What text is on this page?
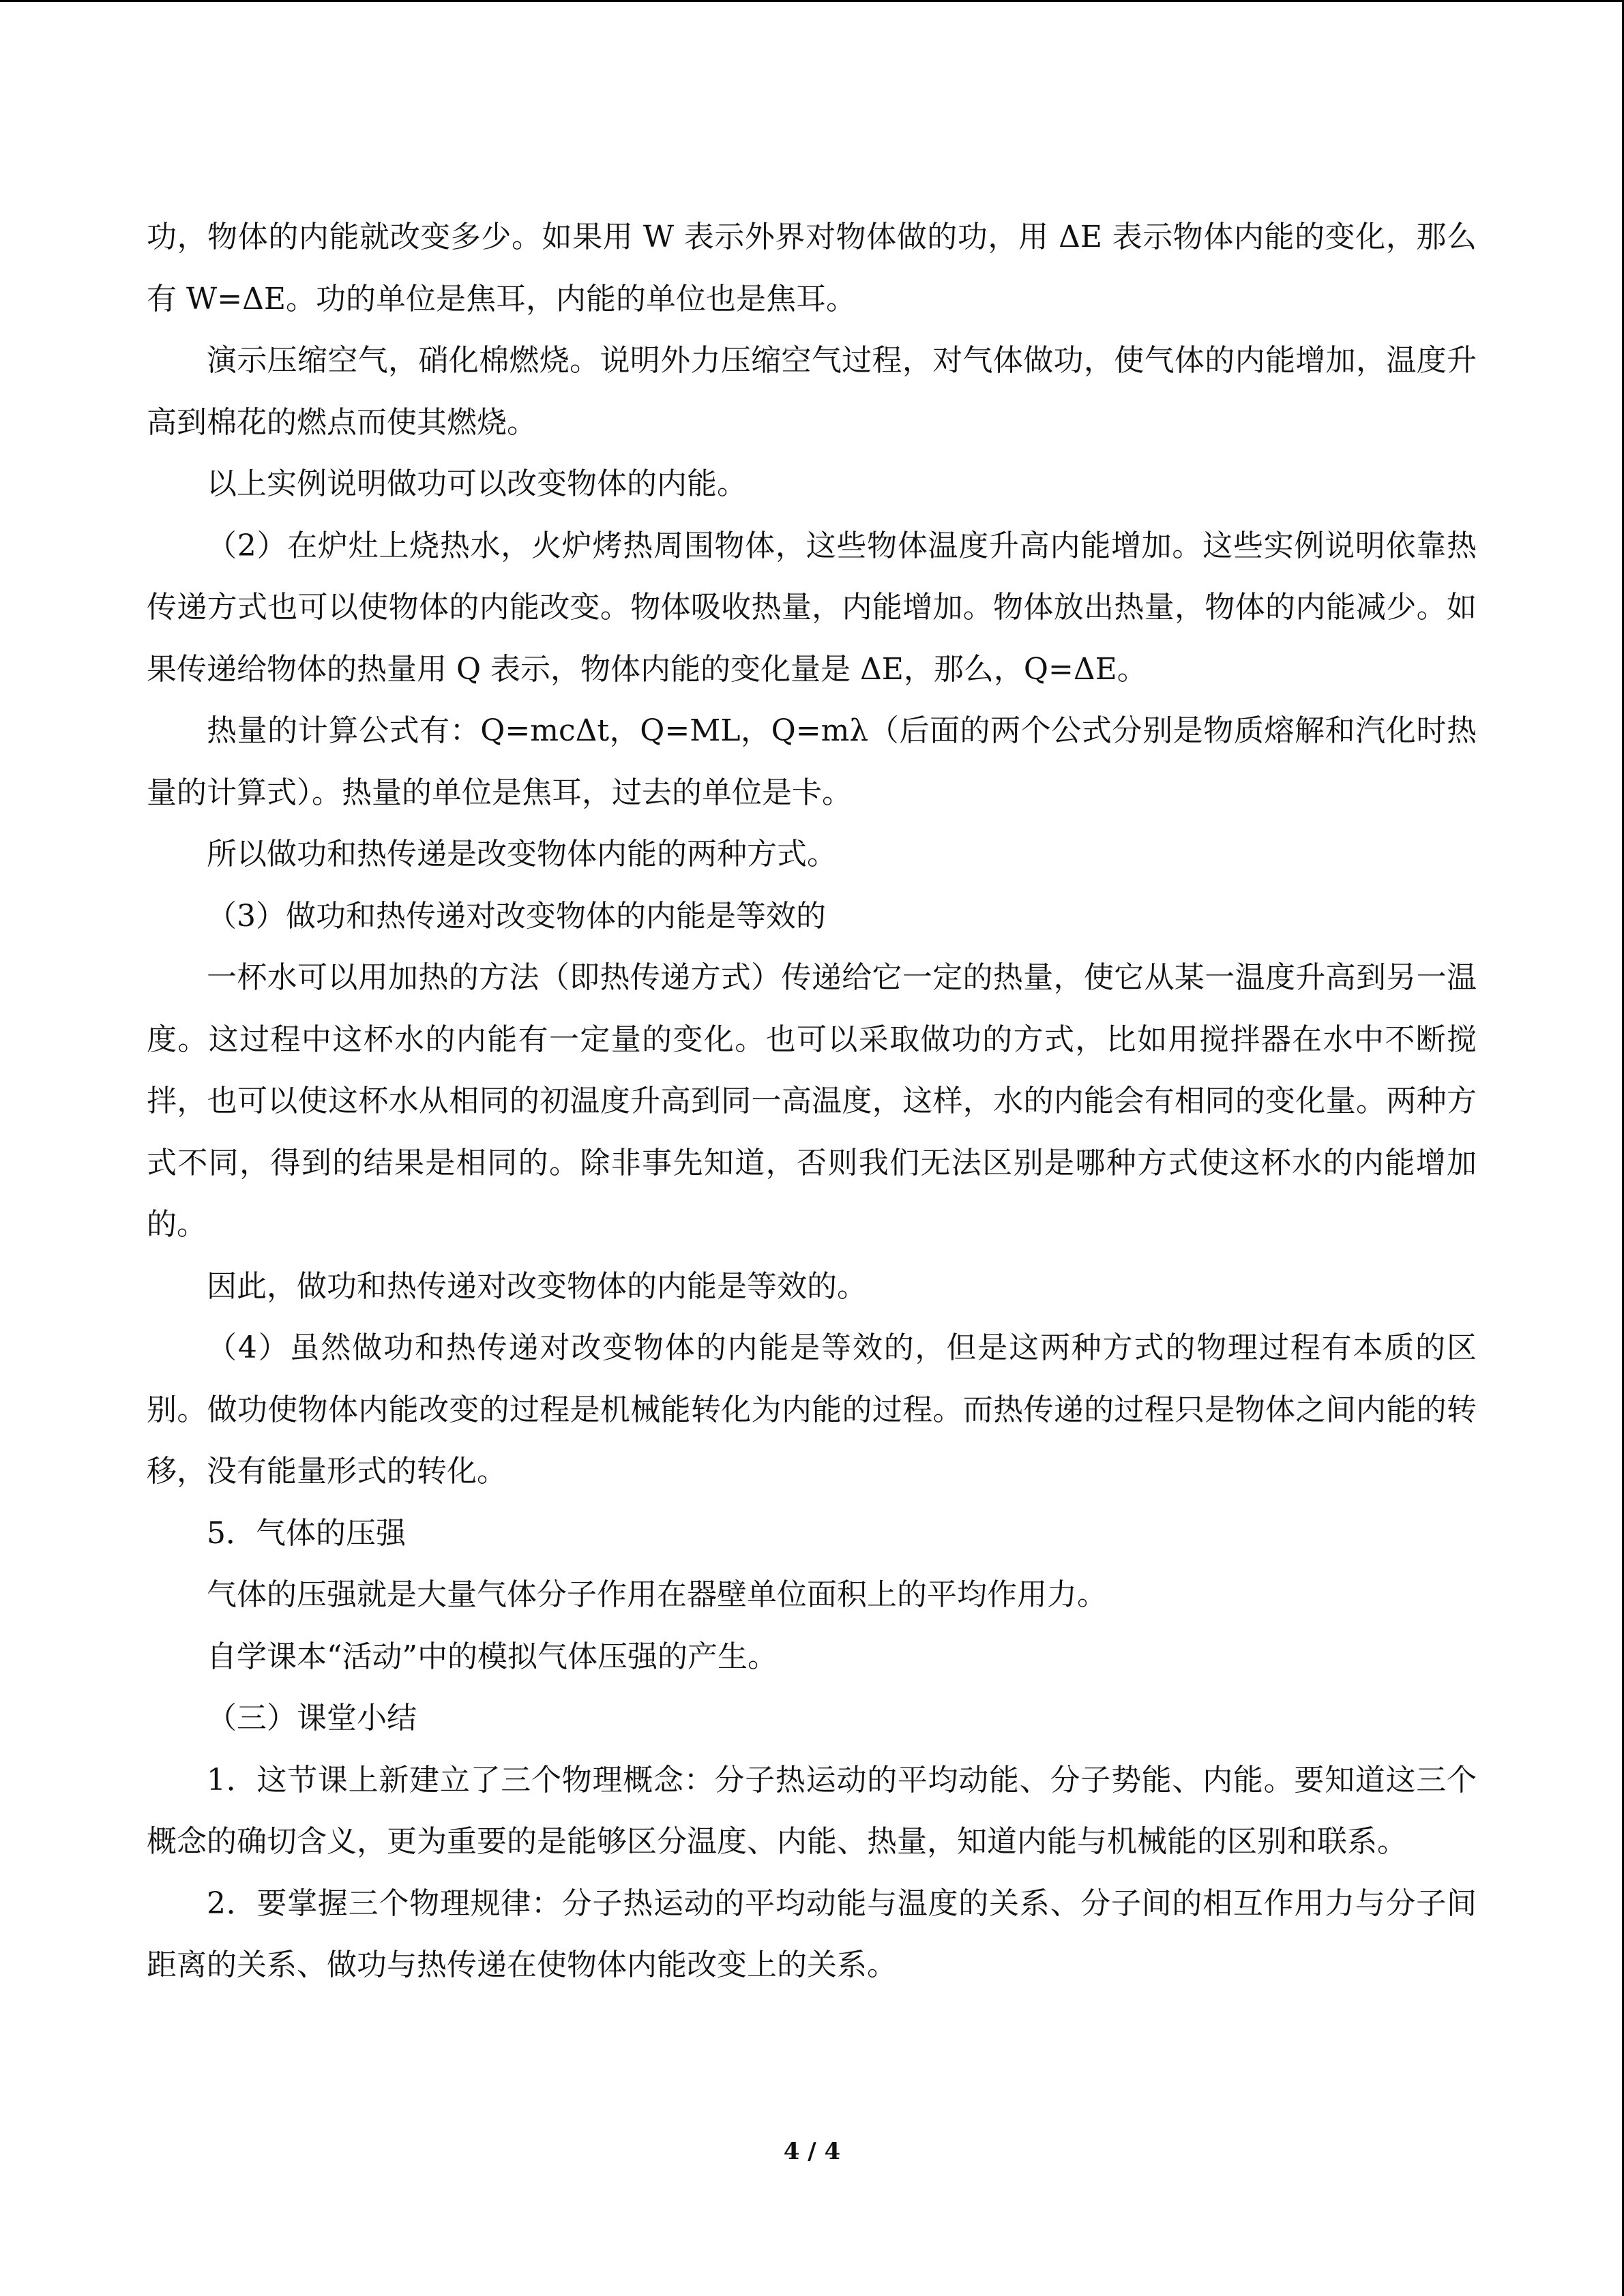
功，物体的内能就改变多少。如果用 W 表示外界对物体做的功，用 ΔE 表示物体内能的变化，那么有 W=ΔE。功的单位是焦耳，内能的单位也是焦耳。

演示压缩空气，硝化棉燃烧。说明外力压缩空气过程，对气体做功，使气体的内能增加，温度升高到棉花的燃点而使其燃烧。

以上实例说明做功可以改变物体的内能。

（2）在炉灶上烧热水，火炉烤热周围物体，这些物体温度升高内能增加。这些实例说明依靠热传递方式也可以使物体的内能改变。物体吸收热量，内能增加。物体放出热量，物体的内能减少。如果传递给物体的热量用 Q 表示，物体内能的变化量是 ΔE，那么，Q=ΔE。

热量的计算公式有：Q=mcΔt，Q=ML，Q=mλ（后面的两个公式分别是物质熔解和汽化时热量的计算式）。热量的单位是焦耳，过去的单位是卡。

所以做功和热传递是改变物体内能的两种方式。

（3）做功和热传递对改变物体的内能是等效的

一杯水可以用加热的方法（即热传递方式）传递给它一定的热量，使它从某一温度升高到另一温度。这过程中这杯水的内能有一定量的变化。也可以采取做功的方式，比如用搅拌器在水中不断搅拌，也可以使这杯水从相同的初温度升高到同一高温度，这样，水的内能会有相同的变化量。两种方式不同，得到的结果是相同的。除非事先知道，否则我们无法区别是哪种方式使这杯水的内能增加的。

因此，做功和热传递对改变物体的内能是等效的。

（4）虽然做功和热传递对改变物体的内能是等效的，但是这两种方式的物理过程有本质的区别。做功使物体内能改变的过程是机械能转化为内能的过程。而热传递的过程只是物体之间内能的转移，没有能量形式的转化。

5．气体的压强

气体的压强就是大量气体分子作用在器壁单位面积上的平均作用力。

自学课本“活动”中的模拟气体压强的产生。

（三）课堂小结

1．这节课上新建立了三个物理概念：分子热运动的平均动能、分子势能、内能。要知道这三个概念的确切含义，更为重要的是能够区分温度、内能、热量，知道内能与机械能的区别和联系。

2．要掌握三个物理规律：分子热运动的平均动能与温度的关系、分子间的相互作用力与分子间距离的关系、做功与热传递在使物体内能改变上的关系。

4 / 4
